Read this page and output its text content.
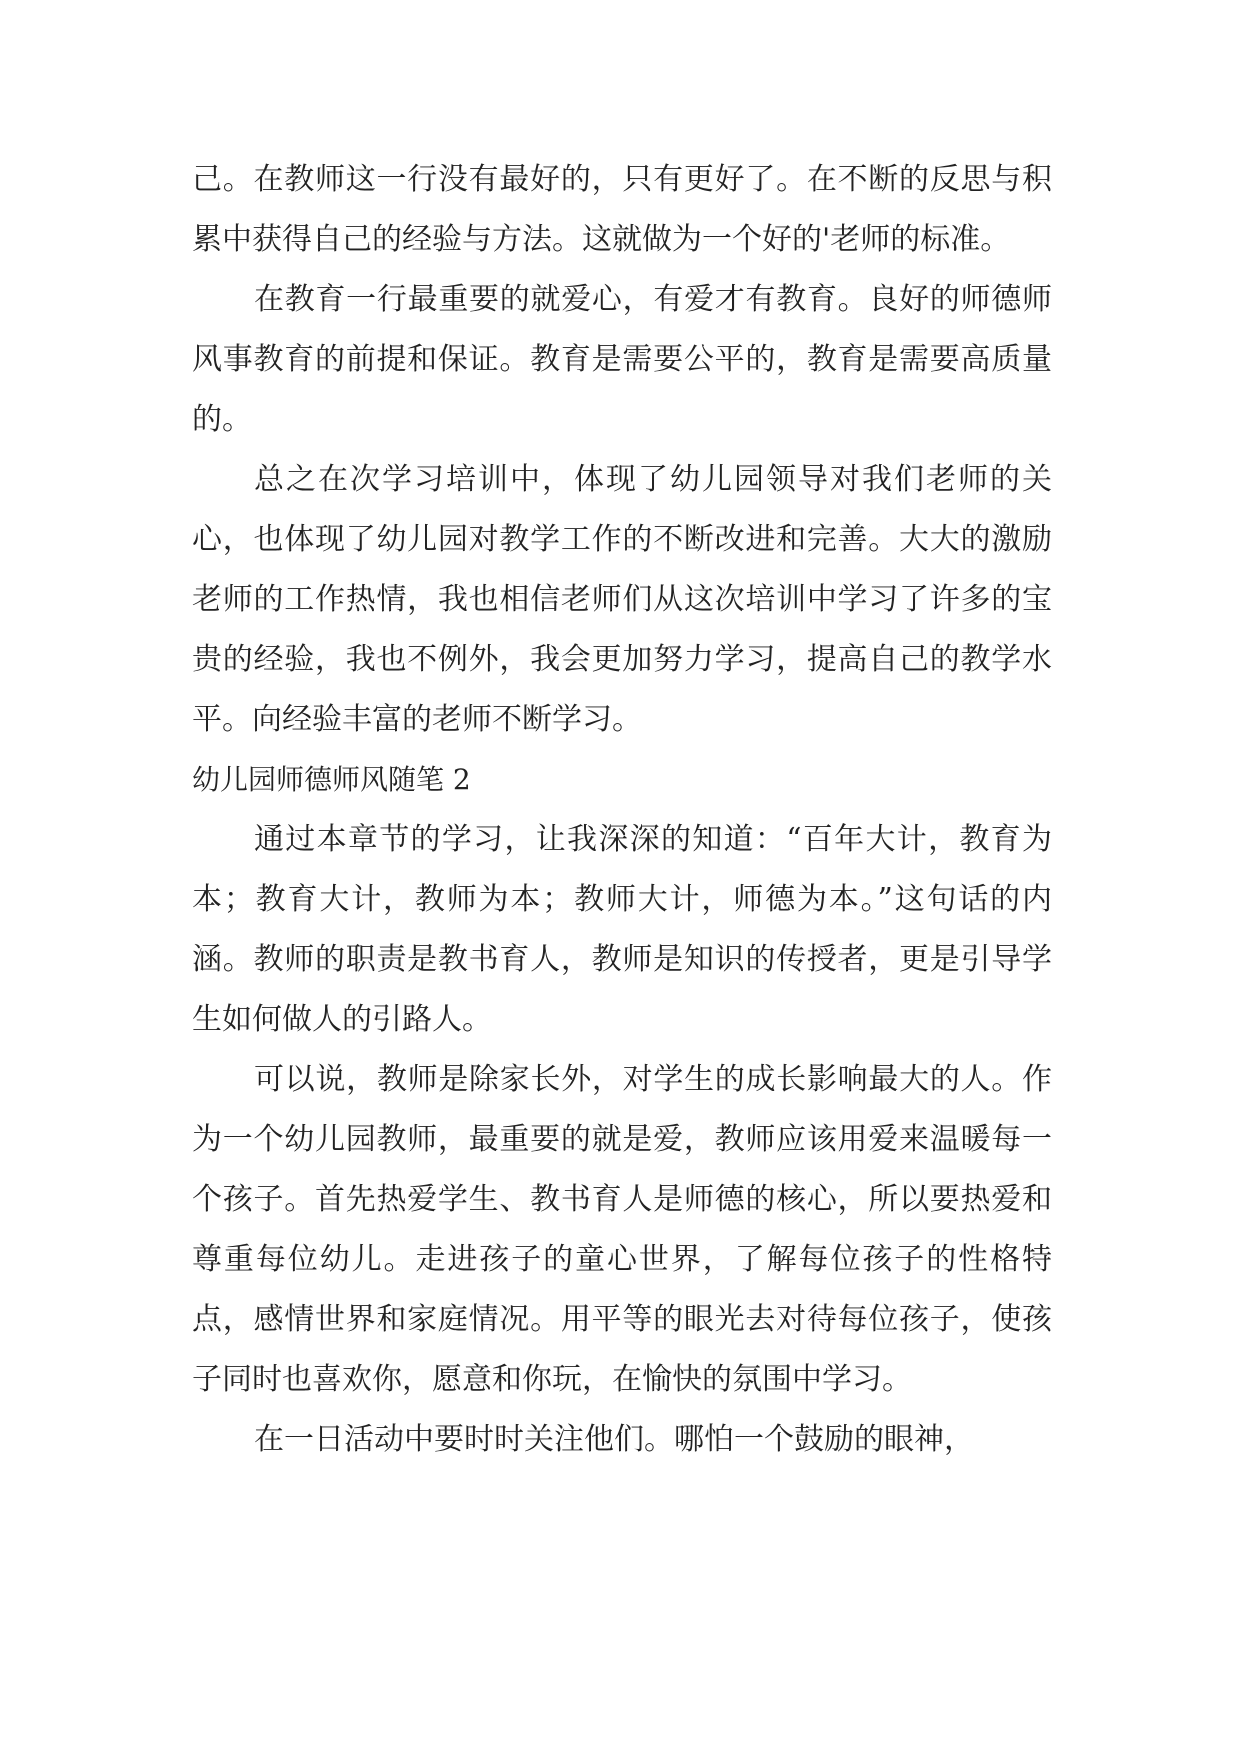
己。在教师这一行没有最好的，只有更好了。在不断的反思与积累中获得自己的经验与方法。这就做为一个好的'老师的标准。

在教育一行最重要的就爱心，有爱才有教育。良好的师德师风事教育的前提和保证。教育是需要公平的，教育是需要高质量的。

总之在次学习培训中，体现了幼儿园领导对我们老师的关心，也体现了幼儿园对教学工作的不断改进和完善。大大的激励老师的工作热情，我也相信老师们从这次培训中学习了许多的宝贵的经验，我也不例外，我会更加努力学习，提高自己的教学水平。向经验丰富的老师不断学习。

幼儿园师德师风随笔 2

通过本章节的学习，让我深深的知道：“百年大计，教育为本；教育大计，教师为本；教师大计，师德为本。”这句话的内涵。教师的职责是教书育人，教师是知识的传授者，更是引导学生如何做人的引路人。

可以说，教师是除家长外，对学生的成长影响最大的人。作为一个幼儿园教师，最重要的就是爱，教师应该用爱来温暖每一个孩子。首先热爱学生、教书育人是师德的核心，所以要热爱和尊重每位幼儿。走进孩子的童心世界，了解每位孩子的性格特点，感情世界和家庭情况。用平等的眼光去对待每位孩子，使孩子同时也喜欢你，愿意和你玩，在愉快的氛围中学习。

在一日活动中要时时关注他们。哪怕一个鼓励的眼神，
